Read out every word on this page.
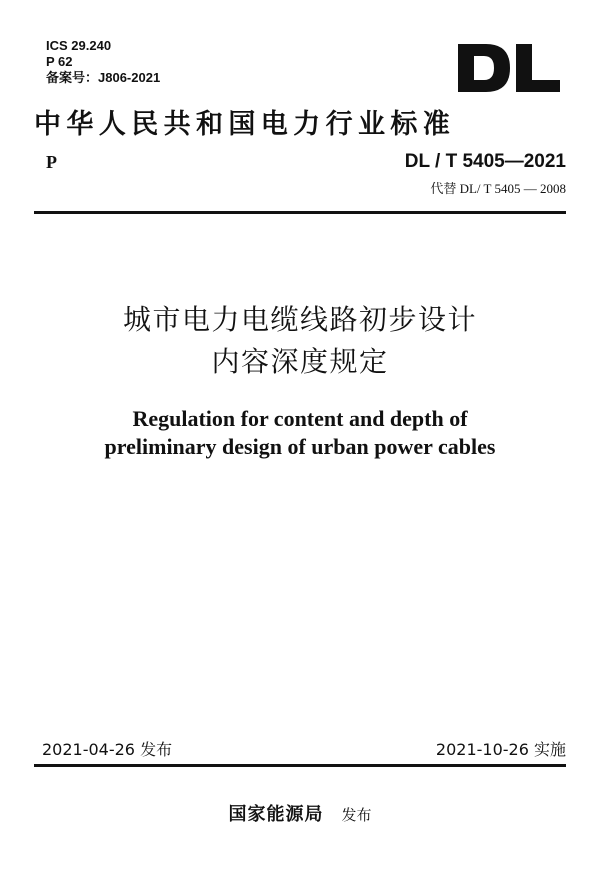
ICS 29.240
P 62
备案号：J806-2021
中华人民共和国电力行业标准
P	DL / T 5405—2021
代替 DL/ T 5405 — 2008
城市电力电缆线路初步设计
内容深度规定
Regulation for content and depth of
preliminary design of urban power cables
2021-04-26 发布	2021-10-26 实施
国家能源局 发布
